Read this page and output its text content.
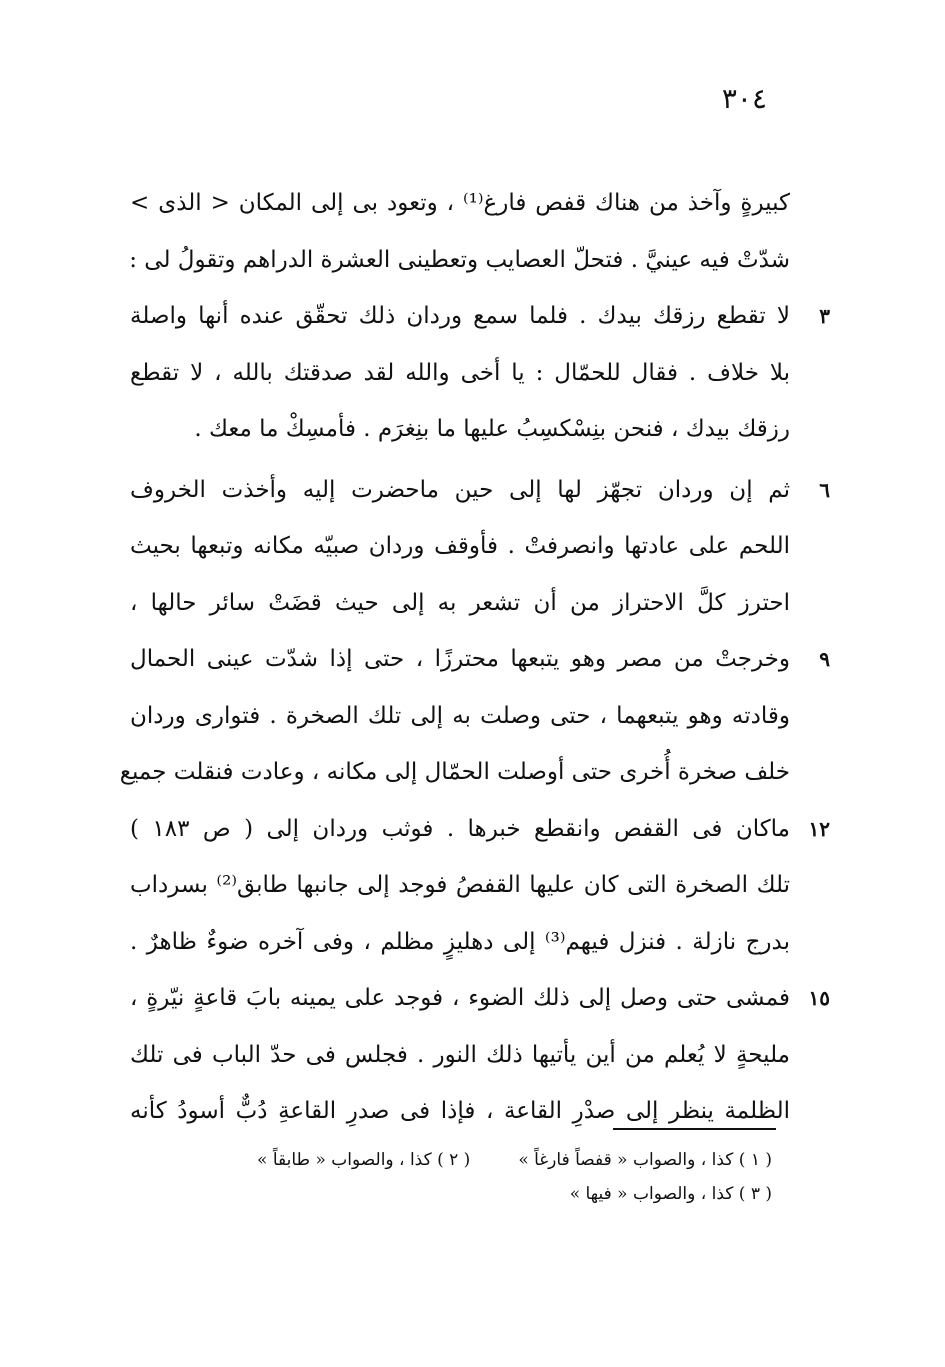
٣٠٤
كبيرةٍ وآخذ من هناك قفص فارغ⁽¹⁾ ، وتعود بى إلى المكان < الذى >
شدّتْ فيه عينيَّ . فتحلّ العصايب وتعطينى العشرة الدراهم وتقولُ لى :
لا تقطع رزقك بيدك . فلما سمع وردان ذلك تحقّق عنده أنها واصلة	٣
بلا خلاف . فقال للحمّال : يا أخى والله لقد صدقتك بالله ، لا تقطع
رزقك بيدك ، فنحن بنِسْكسِبُ عليها ما بنِغرَم . فأمسِكْ ما معك .
ثم إن وردان تجهّز لها إلى حين ماحضرت إليه وأخذت الخروف	٦
اللحم على عادتها وانصرفتْ . فأوقف وردان صبيّه مكانه وتبعها بحيث
احترز كلَّ الاحتراز من أن تشعر به إلى حيث قضَتْ سائر حالها ،
وخرجتْ من مصر وهو يتبعها محترزًا ، حتى إذا شدّت عينى الحمال	٩
وقادته وهو يتبعهما ، حتى وصلت به إلى تلك الصخرة . فتوارى وردان
خلف صخرة أُخرى حتى أوصلت الحمّال إلى مكانه ، وعادت فنقلت جميع
ماكان فى القفص وانقطع خبرها . فوثب وردان إلى ( ص ١٨٣ ) ١٢
تلك الصخرة التى كان عليها القفصُ فوجد إلى جانبها طابق⁽²⁾ بسرداب
بدرج نازلة . فنزل فيهم⁽³⁾ إلى دهليزٍ مظلم ، وفى آخره ضوءٌ ظاهرٌ .
فمشى حتى وصل إلى ذلك الضوء ، فوجد على يمينه بابَ قاعةٍ نيّرةٍ ، ١٥
مليحةٍ لا يُعلم من أين يأتيها ذلك النور . فجلس فى حدّ الباب فى تلك
الظلمة ينظر إلى صدْرِ القاعة ، فإذا فى صدرِ القاعةِ دُبٌّ أسودُ كأنه
( ١ ) كذا ، والصواب « قفصاً فارغاً »
( ٢ ) كذا ، والصواب « طابقاً »
( ٣ ) كذا ، والصواب « فيها »
